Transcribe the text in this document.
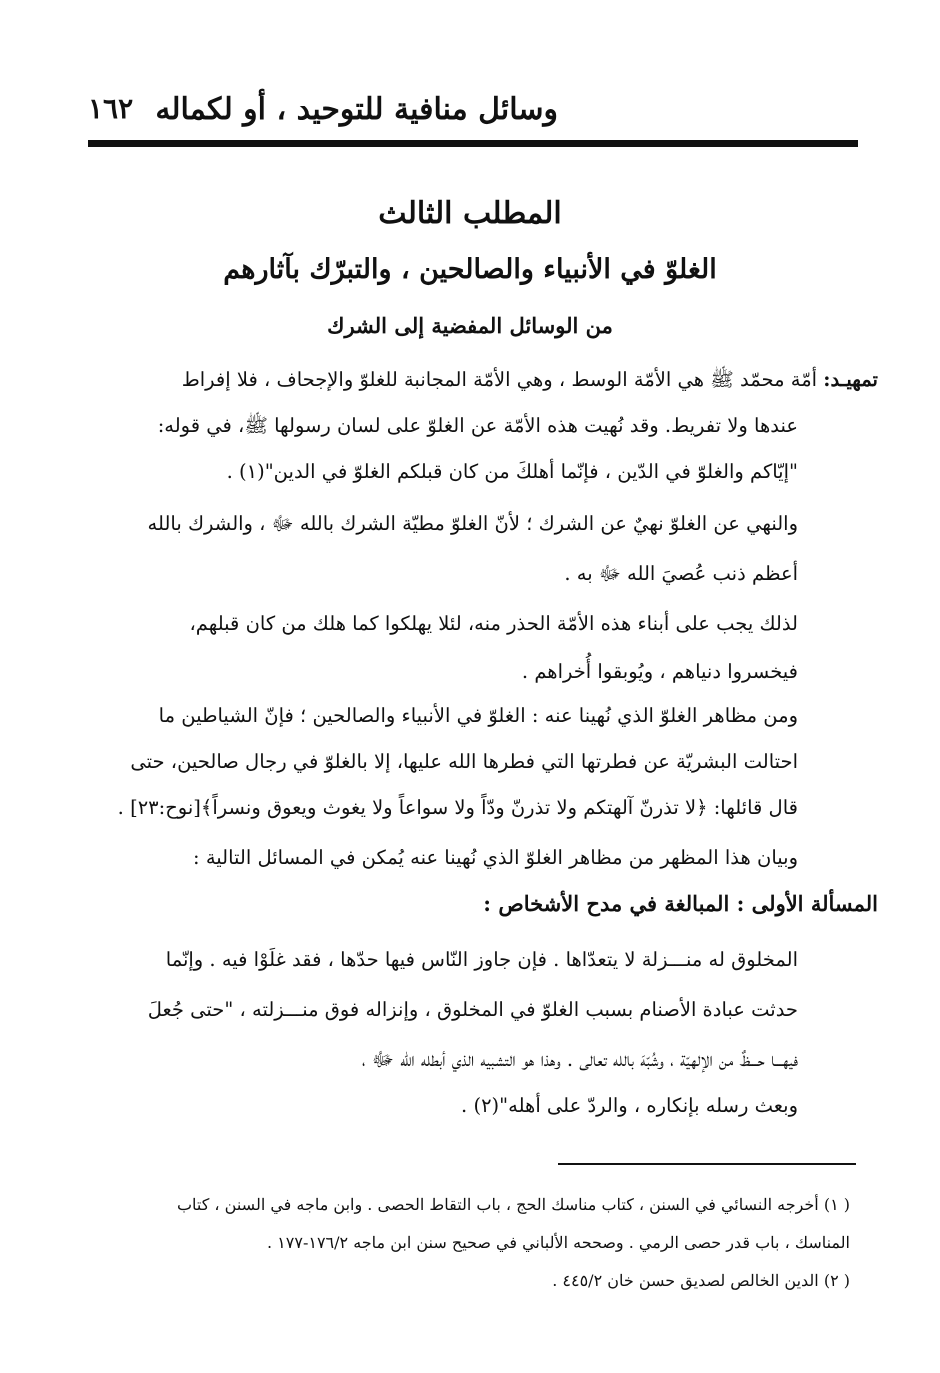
وسائل منافية للتوحيد ، أو لكماله
١٦٢
المطلب الثالث
الغلوّ في الأنبياء والصالحين ، والتبرّك بآثارهم
من الوسائل المفضية إلى الشرك
تمهيـد: أمّة محمّد ﷺ هي الأمّة الوسط ، وهي الأمّة المجانبة للغلوّ والإجحاف ، فلا إفراط
عندها ولا تفريط. وقد نُهيت هذه الأمّة عن الغلوّ على لسان رسولها ﷺ، في قوله:
"إيّاكم والغلوّ في الدّين ، فإنّما أهلكَ من كان قبلكم الغلوّ في الدين"(١) .
والنهي عن الغلوّ نهيٌ عن الشرك ؛ لأنّ الغلوّ مطيّة الشرك بالله ﷻ ، والشرك بالله
أعظم ذنب عُصيَ الله ﷻ به .
لذلك يجب على أبناء هذه الأمّة الحذر منه، لئلا يهلكوا كما هلك من كان قبلهم،
فيخسروا دنياهم ، ويُوبقوا أُخراهم .
ومن مظاهر الغلوّ الذي نُهينا عنه : الغلوّ في الأنبياء والصالحين ؛ فإنّ الشياطين ما
احتالت البشريّة عن فطرتها التي فطرها الله عليها، إلا بالغلوّ في رجال صالحين، حتى
قال قائلها: ﴿لا تذرنّ آلهتكم ولا تذرنّ ودّاً ولا سواعاً ولا يغوث ويعوق ونسراً﴾[نوح:٢٣] .
وبيان هذا المظهر من مظاهر الغلوّ الذي نُهينا عنه يُمكن في المسائل التالية :
المسألة الأولى : المبالغة في مدح الأشخاص :
المخلوق له منـــزلة لا يتعدّاها . فإن جاوز النّاس فيها حدّها ، فقد غلَوْا فيه . وإنّما
حدثت عبادة الأصنام بسبب الغلوّ في المخلوق ، وإنزاله فوق منـــزلته ، "حتى جُعلَ
فيهـــا حـــظٌ من الإلهيّة ، وشُبّهَ بالله تعالى . وهذا هو التشبيه الذي أبطله الله ﷻ ،
وبعث رسله بإنكاره ، والردّ على أهله"(٢) .
( ١) أخرجه النسائي في السنن ، كتاب مناسك الحج ، باب التقاط الحصى . وابن ماجه في السنن ، كتاب
المناسك ، باب قدر حصى الرمي . وصححه الألباني في صحيح سنن ابن ماجه ١٧٦/٢-١٧٧ .
( ٢) الدين الخالص لصديق حسن خان ٤٤٥/٢ .
